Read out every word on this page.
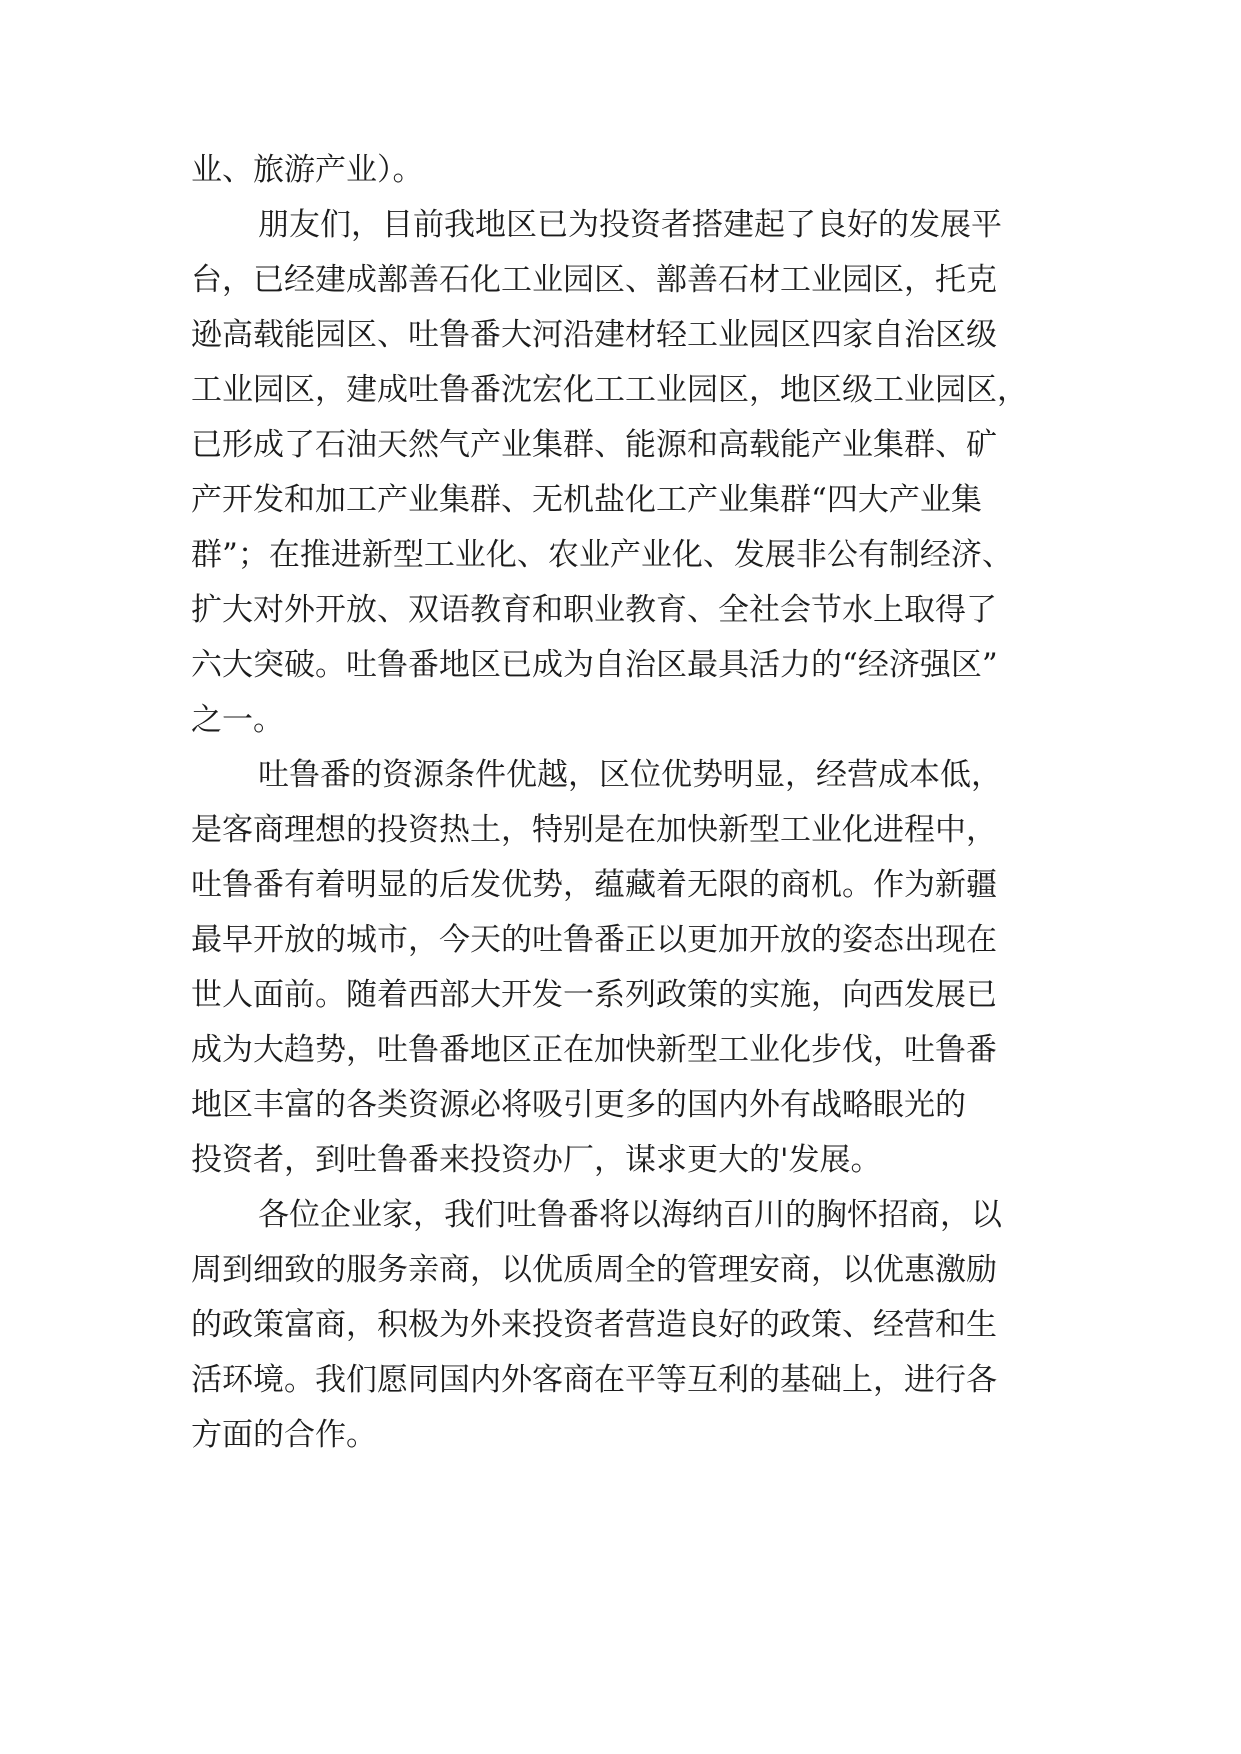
业、旅游产业）。
朋友们，目前我地区已为投资者搭建起了良好的发展平
台，已经建成鄯善石化工业园区、鄯善石材工业园区，托克
逊高载能园区、吐鲁番大河沿建材轻工业园区四家自治区级
工业园区，建成吐鲁番沈宏化工工业园区，地区级工业园区，
已形成了石油天然气产业集群、能源和高载能产业集群、矿
产开发和加工产业集群、无机盐化工产业集群“四大产业集
群”；在推进新型工业化、农业产业化、发展非公有制经济、
扩大对外开放、双语教育和职业教育、全社会节水上取得了
六大突破。吐鲁番地区已成为自治区最具活力的“经济强区”
之一。
吐鲁番的资源条件优越，区位优势明显，经营成本低，
是客商理想的投资热土，特别是在加快新型工业化进程中，
吐鲁番有着明显的后发优势，蕴藏着无限的商机。作为新疆
最早开放的城市，今天的吐鲁番正以更加开放的姿态出现在
世人面前。随着西部大开发一系列政策的实施，向西发展已
成为大趋势，吐鲁番地区正在加快新型工业化步伐，吐鲁番
地区丰富的各类资源必将吸引更多的国内外有战略眼光的
投资者，到吐鲁番来投资办厂，谋求更大的'发展。
各位企业家，我们吐鲁番将以海纳百川的胸怀招商，以
周到细致的服务亲商，以优质周全的管理安商，以优惠激励
的政策富商，积极为外来投资者营造良好的政策、经营和生
活环境。我们愿同国内外客商在平等互利的基础上，进行各
方面的合作。
